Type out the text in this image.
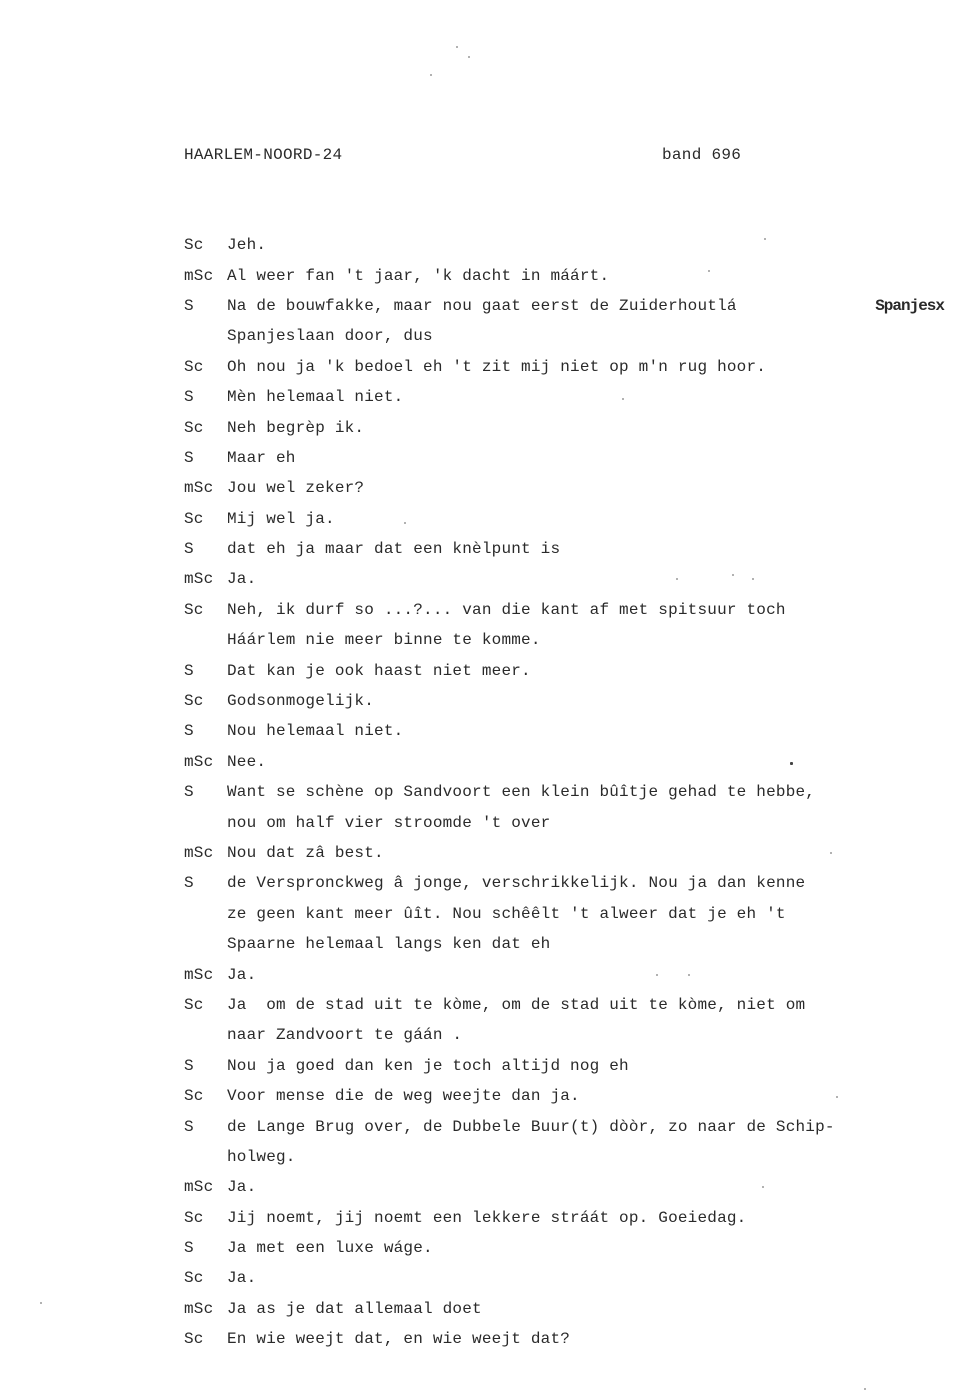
HAARLEM-NOORD-24	band 696
Sc	Jeh.
mSc Al weer fan 't jaar, 'k dacht in máárt.
S	Na de bouwfakke, maar nou gaat eerst de Zuiderhoutlá	Spanjesx
Spanjeslaan door, dus
Sc	Oh nou ja 'k bedoel eh 't zit mij niet op m'n rug hoor.
S	Mèn helemaal niet.
Sc	Neh begrèp ik.
S	Maar eh
mSc Jou wel zeker?
Sc	Mij wel ja.
S	dat eh ja maar dat een knèlpunt is
mSc Ja.
Sc	Neh, ik durf so ...?... van die kant af met spitsuur toch
Háárlem nie meer binne te komme.
S	Dat kan je ook haast niet meer.
Sc	Godsonmogelijk.
S	Nou helemaal niet.
mSc Nee.
S	Want se schène op Sandvoort een klein bûîtje gehad te hebbe,
nou om half vier stroomde 't over
mSc Nou dat zâ best.
S	de Verspronckweg â jonge, verschrikkelijk. Nou ja dan kenne
ze geen kant meer ûît. Nou schêêlt 't alweer dat je eh 't
Spaarne helemaal langs ken dat eh
mSc Ja.
Sc	Ja  om de stad uit te kòme, om de stad uit te kòme, niet om
naar Zandvoort te gáán .
S	Nou ja goed dan ken je toch altijd nog eh
Sc	Voor mense die de weg weejte dan ja.
S	de Lange Brug over, de Dubbele Buur(t) dòòr, zo naar de Schip-
holweg.
mSc Ja.
Sc	Jij noemt, jij noemt een lekkere stráát op. Goeiedag.
S	Ja met een luxe wáge.
Sc	Ja.
mSc Ja as je dat allemaal doet
Sc	En wie weejt dat, en wie weejt dat?
